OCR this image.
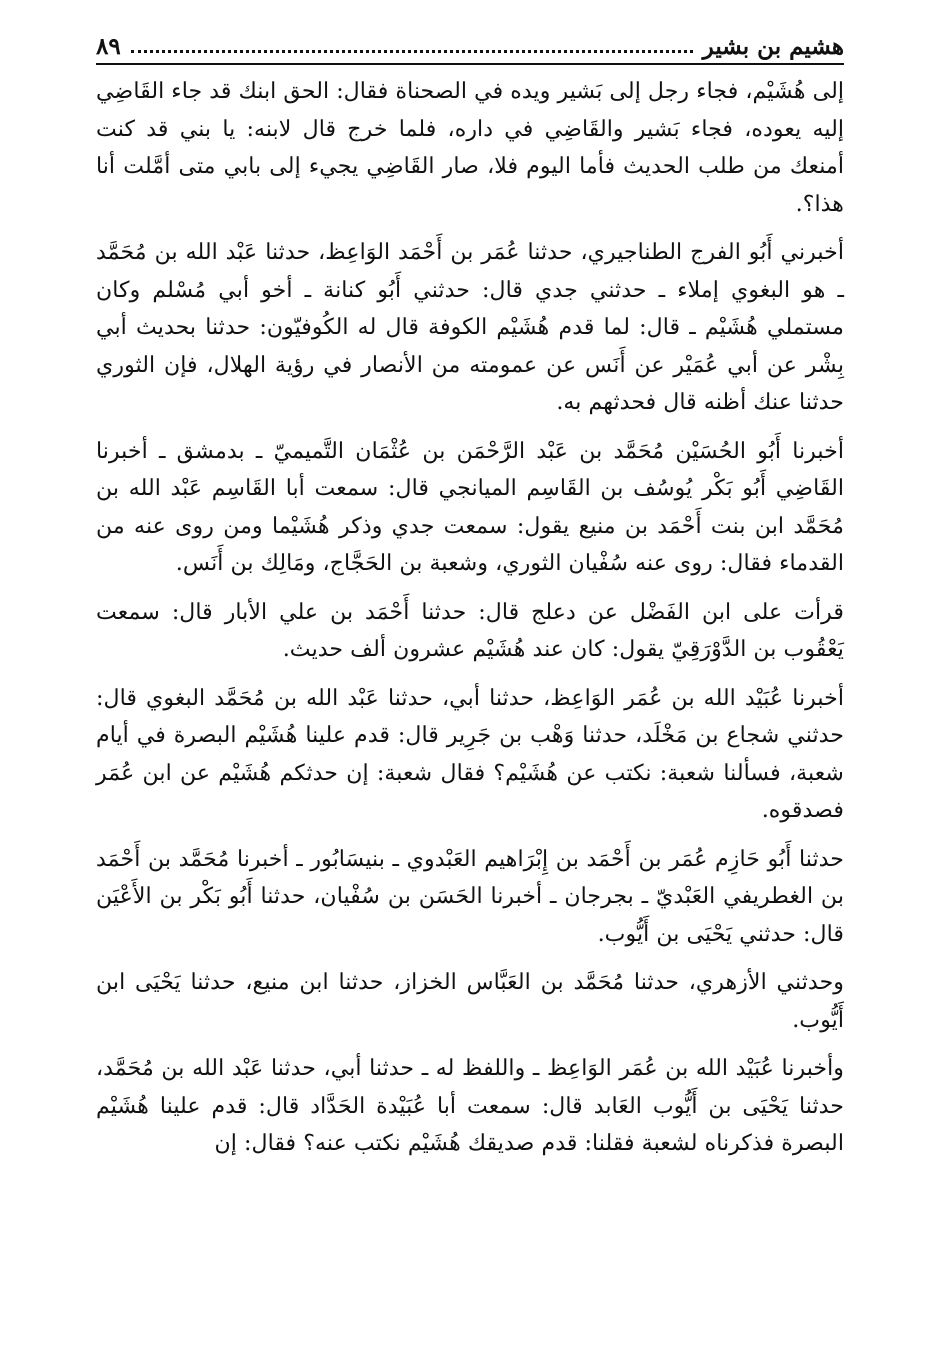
هشيم بن بشير
٨٩

إلى هُشَيْم، فجاء رجل إلى بَشير ويده في الصحناة فقال: الحق ابنك قد جاء القَاضِي إليه يعوده، فجاء بَشير والقَاضِي في داره، فلما خرج قال لابنه: يا بني قد كنت أمنعك من طلب الحديث فأما اليوم فلا، صار القَاضِي يجيء إلى بابي متى أمَّلت أنا هذا؟.

أخبرني أَبُو الفرج الطناجيري، حدثنا عُمَر بن أَحْمَد الوَاعِظ، حدثنا عَبْد الله بن مُحَمَّد ـ هو البغوي إملاء ـ حدثني جدي قال: حدثني أَبُو كنانة ـ أخو أبي مُسْلم وكان مستملي هُشَيْم ـ قال: لما قدم هُشَيْم الكوفة قال له الكُوفيّون: حدثنا بحديث أبي بِشْر عن أبي عُمَيْر عن أَنَس عن عمومته من الأنصار في رؤية الهلال، فإن الثوري حدثنا عنك أظنه قال فحدثهم به.

أخبرنا أَبُو الحُسَيْن مُحَمَّد بن عَبْد الرَّحْمَن بن عُثْمَان التَّميميّ ـ بدمشق ـ أخبرنا القَاضِي أَبُو بَكْر يُوسُف بن القَاسِم الميانجي قال: سمعت أبا القَاسِم عَبْد الله بن مُحَمَّد ابن بنت أَحْمَد بن منيع يقول: سمعت جدي وذكر هُشَيْما ومن روى عنه من القدماء فقال: روى عنه سُفْيان الثوري، وشعبة بن الحَجَّاج، ومَالِك بن أَنَس.

قرأت على ابن الفَضْل عن دعلج قال: حدثنا أَحْمَد بن علي الأبار قال: سمعت يَعْقُوب بن الدَّوْرَقِيّ يقول: كان عند هُشَيْم عشرون ألف حديث.

أخبرنا عُبَيْد الله بن عُمَر الوَاعِظ، حدثنا أبي، حدثنا عَبْد الله بن مُحَمَّد البغوي قال: حدثني شجاع بن مَخْلَد، حدثنا وَهْب بن جَرِير قال: قدم علينا هُشَيْم البصرة في أيام شعبة، فسألنا شعبة: نكتب عن هُشَيْم؟ فقال شعبة: إن حدثكم هُشَيْم عن ابن عُمَر فصدقوه.

حدثنا أَبُو حَازِم عُمَر بن أَحْمَد بن إِبْرَاهيم العَبْدوي ـ بنيسَابُور ـ أخبرنا مُحَمَّد بن أَحْمَد بن الغطريفي العَبْديّ ـ بجرجان ـ أخبرنا الحَسَن بن سُفْيان، حدثنا أَبُو بَكْر بن الأَعْيَن قال: حدثني يَحْيَى بن أَيُّوب.

وحدثني الأزهري، حدثنا مُحَمَّد بن العَبَّاس الخزاز، حدثنا ابن منيع، حدثنا يَحْيَى ابن أَيُّوب.

وأخبرنا عُبَيْد الله بن عُمَر الوَاعِظ ـ واللفظ له ـ حدثنا أبي، حدثنا عَبْد الله بن مُحَمَّد، حدثنا يَحْيَى بن أَيُّوب العَابد قال: سمعت أبا عُبَيْدة الحَدَّاد قال: قدم علينا هُشَيْم البصرة فذكرناه لشعبة فقلنا: قدم صديقك هُشَيْم نكتب عنه؟ فقال: إن
